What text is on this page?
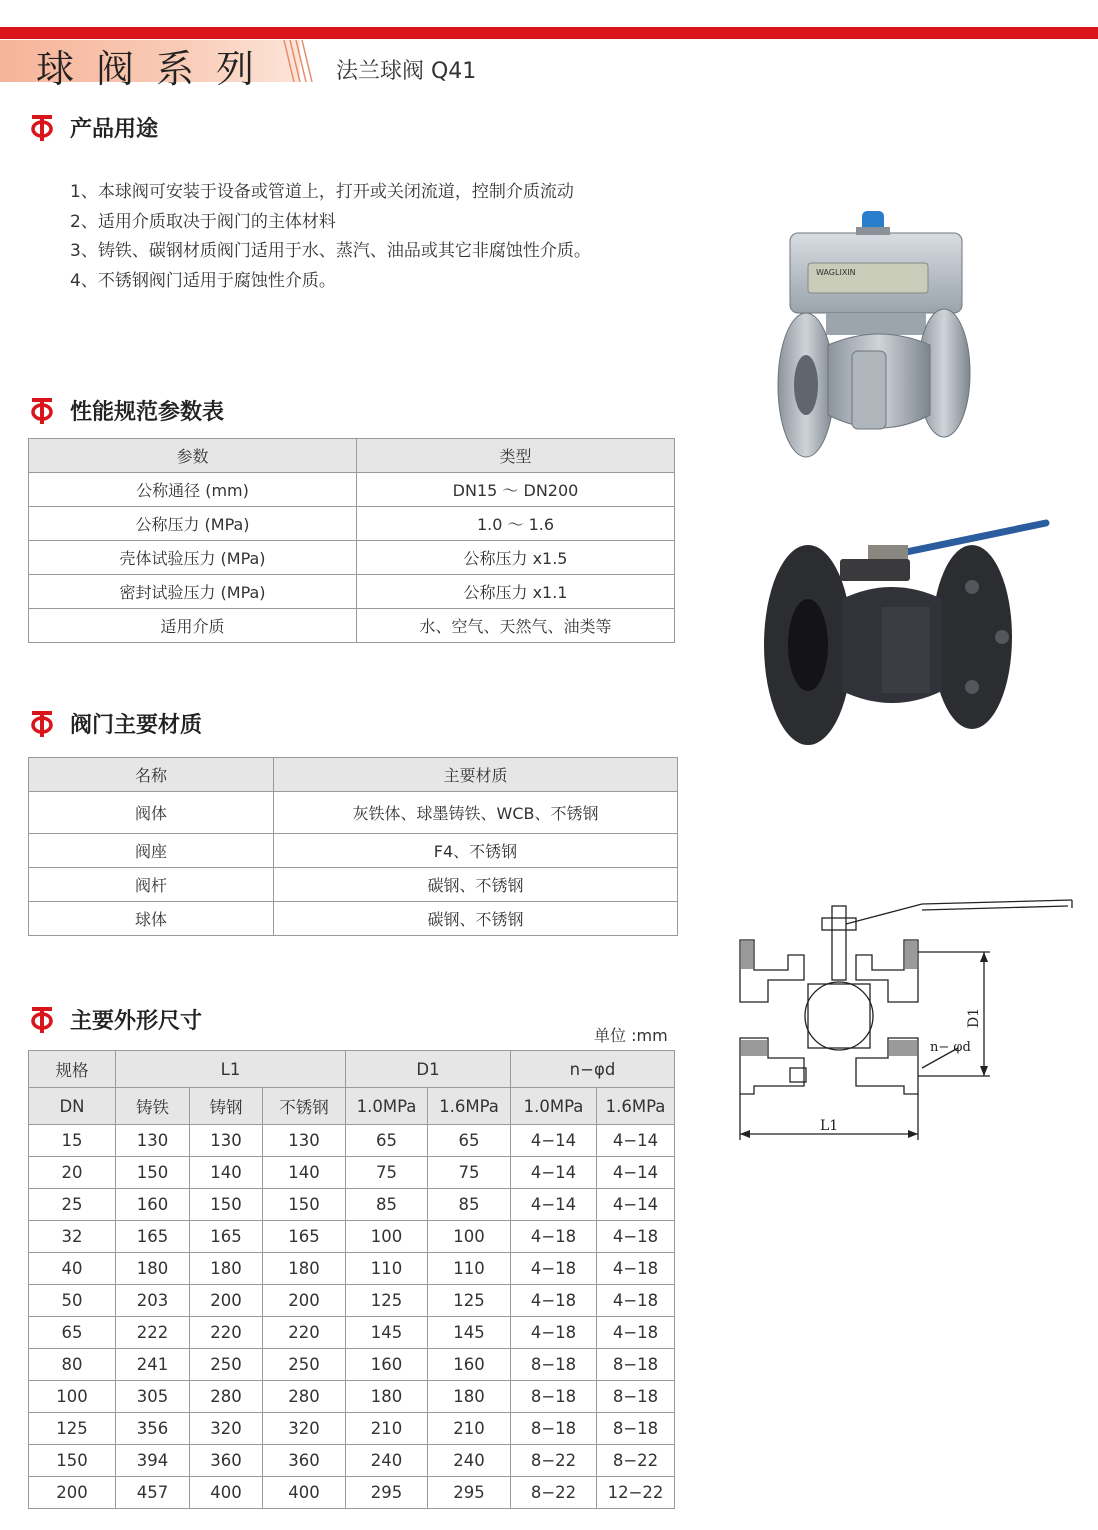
球阀系列	法兰球阀 Q41
产品用途
1、本球阀可安装于设备或管道上，打开或关闭流道，控制介质流动
2、适用介质取决于阀门的主体材料
3、铸铁、碳钢材质阀门适用于水、蒸汽、油品或其它非腐蚀性介质。
4、不锈钢阀门适用于腐蚀性介质。
性能规范参数表
参数	类型
公称通径 (mm)	DN15 ～ DN200
公称压力 (MPa)	1.0 ～ 1.6
壳体试验压力 (MPa)	公称压力 x1.5
密封试验压力 (MPa)	公称压力 x1.1
适用介质	水、空气、天然气、油类等
阀门主要材质
名称	主要材质
阀体	灰铁体、球墨铸铁、WCB、不锈钢
阀座	F4、不锈钢
阀杆	碳钢、不锈钢
球体	碳钢、不锈钢
主要外形尺寸
单位 :mm
规格	L1			D1		n−φd	
DN	铸铁	铸钢	不锈钢	1.0MPa	1.6MPa	1.0MPa	1.6MPa
15	130	130	130	65	65	4−14	4−14
20	150	140	140	75	75	4−14	4−14
25	160	150	150	85	85	4−14	4−14
32	165	165	165	100	100	4−18	4−18
40	180	180	180	110	110	4−18	4−18
50	203	200	200	125	125	4−18	4−18
65	222	220	220	145	145	4−18	4−18
80	241	250	250	160	160	8−18	8−18
100	305	280	280	180	180	8−18	8−18
125	356	320	320	210	210	8−18	8−18
150	394	360	360	240	240	8−22	8−22
200	457	400	400	295	295	8−22	12−22
WAGLIXIN
L1
D1
n− φd
